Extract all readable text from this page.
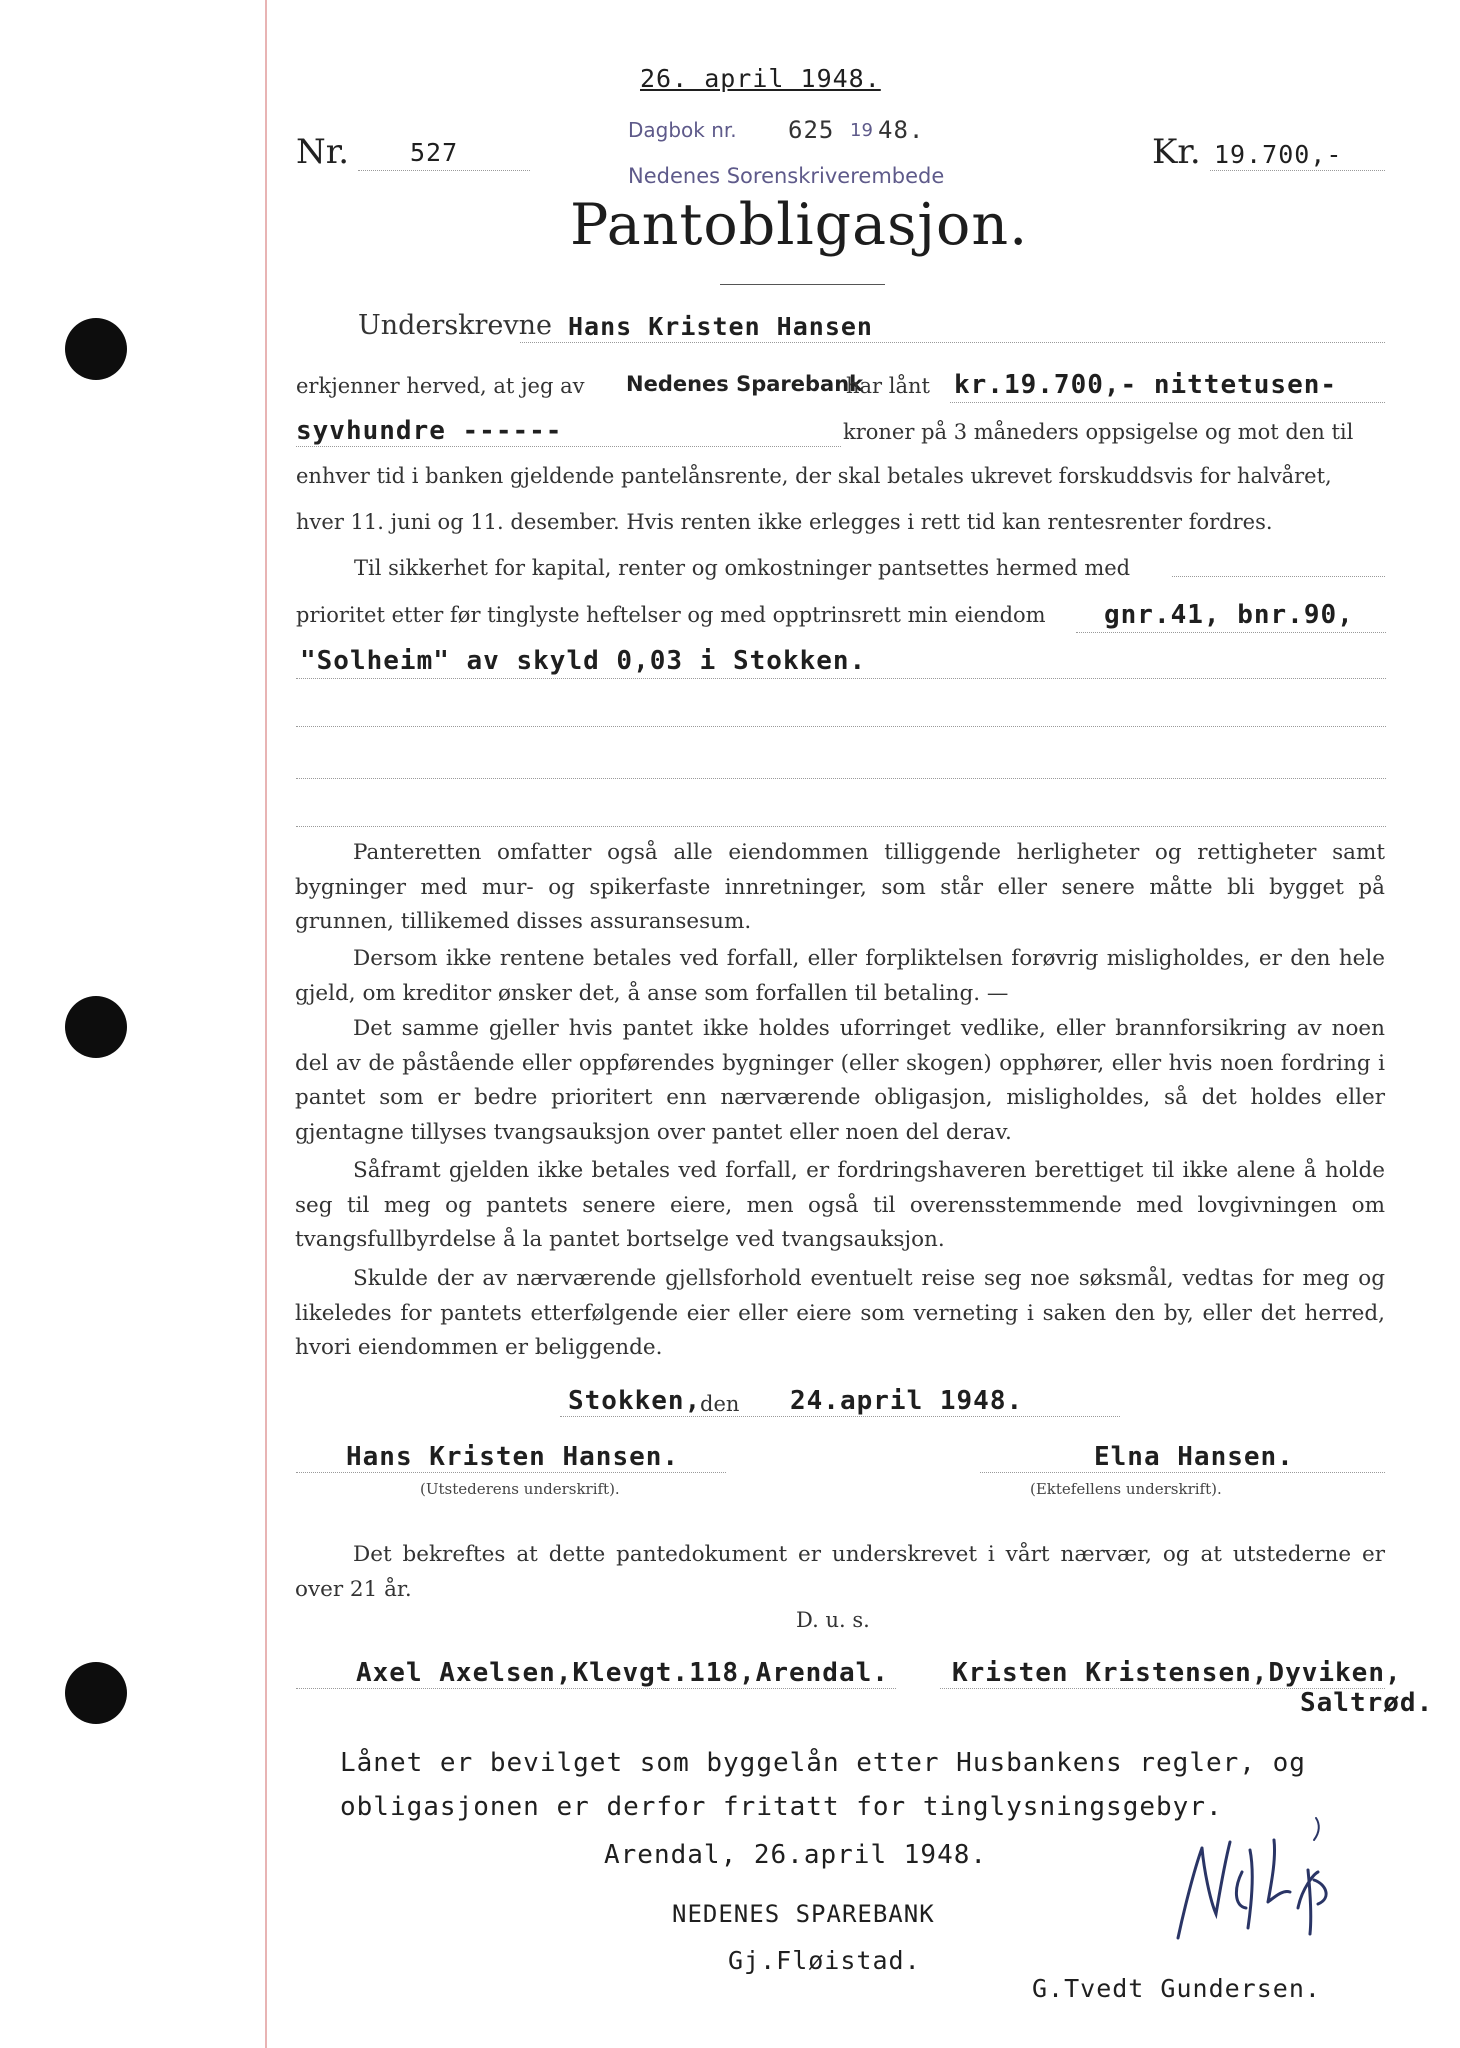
26. april 1948.
Nr. 527
Dagbok nr. 625 19 48.
Nedenes Sorenskriverembede
Kr. 19.700,-
Pantobligasjon.
Underskrevne Hans Kristen Hansen
erkjenner herved, at jeg av Nedenes Sparebank
har lånt kr.19.700,- nittetusen-
syvhundre ------	kroner på 3 måneders oppsigelse og mot den til
enhver tid i banken gjeldende pantelånsrente, der skal betales ukrevet forskuddsvis for halvåret,
hver 11. juni og 11. desember. Hvis renten ikke erlegges i rett tid kan rentesrenter fordres.
Til sikkerhet for kapital, renter og omkostninger pantsettes hermed med
prioritet etter før tinglyste heftelser og med opptrinsrett min eiendom gnr.41, bnr.90,
"Solheim" av skyld 0,03 i Stokken.
Panteretten omfatter også alle eiendommen tilliggende herligheter og rettigheter samt bygninger med mur- og spikerfaste innretninger, som står eller senere måtte bli bygget på grunnen, tillikemed disses assuransesum.
Dersom ikke rentene betales ved forfall, eller forpliktelsen forøvrig misligholdes, er den hele gjeld, om kreditor ønsker det, å anse som forfallen til betaling. —
Det samme gjeller hvis pantet ikke holdes uforringet vedlike, eller brannforsikring av noen del av de påstående eller oppførendes bygninger (eller skogen) opphører, eller hvis noen fordring i pantet som er bedre prioritert enn nærværende obligasjon, misligholdes, så det holdes eller gjentagne tillyses tvangsauksjon over pantet eller noen del derav.
Såframt gjelden ikke betales ved forfall, er fordringshaveren berettiget til ikke alene å holde seg til meg og pantets senere eiere, men også til overensstemmende med lovgivningen om tvangsfullbyrdelse å la pantet bortselge ved tvangsauksjon.
Skulde der av nærværende gjellsforhold eventuelt reise seg noe søksmål, vedtas for meg og likeledes for pantets etterfølgende eier eller eiere som verneting i saken den by, eller det herred, hvori eiendommen er beliggende.
Stokken,
den 24.april 1948.
Hans Kristen Hansen.
(Utstederens underskrift).
Elna Hansen.
(Ektefellens underskrift).
Det bekreftes at dette pantedokument er underskrevet i vårt nærvær, og at utstederne er over 21 år.
D. u. s.
Axel Axelsen,Klevgt.118,Arendal. Kristen Kristensen,Dyviken,
Saltrød.
Lånet er bevilget som byggelån etter Husbankens regler, og
obligasjonen er derfor fritatt for tinglysningsgebyr.
Arendal, 26.april 1948.
NEDENES SPAREBANK
Gj.Fløistad.
G.Tvedt Gundersen.
